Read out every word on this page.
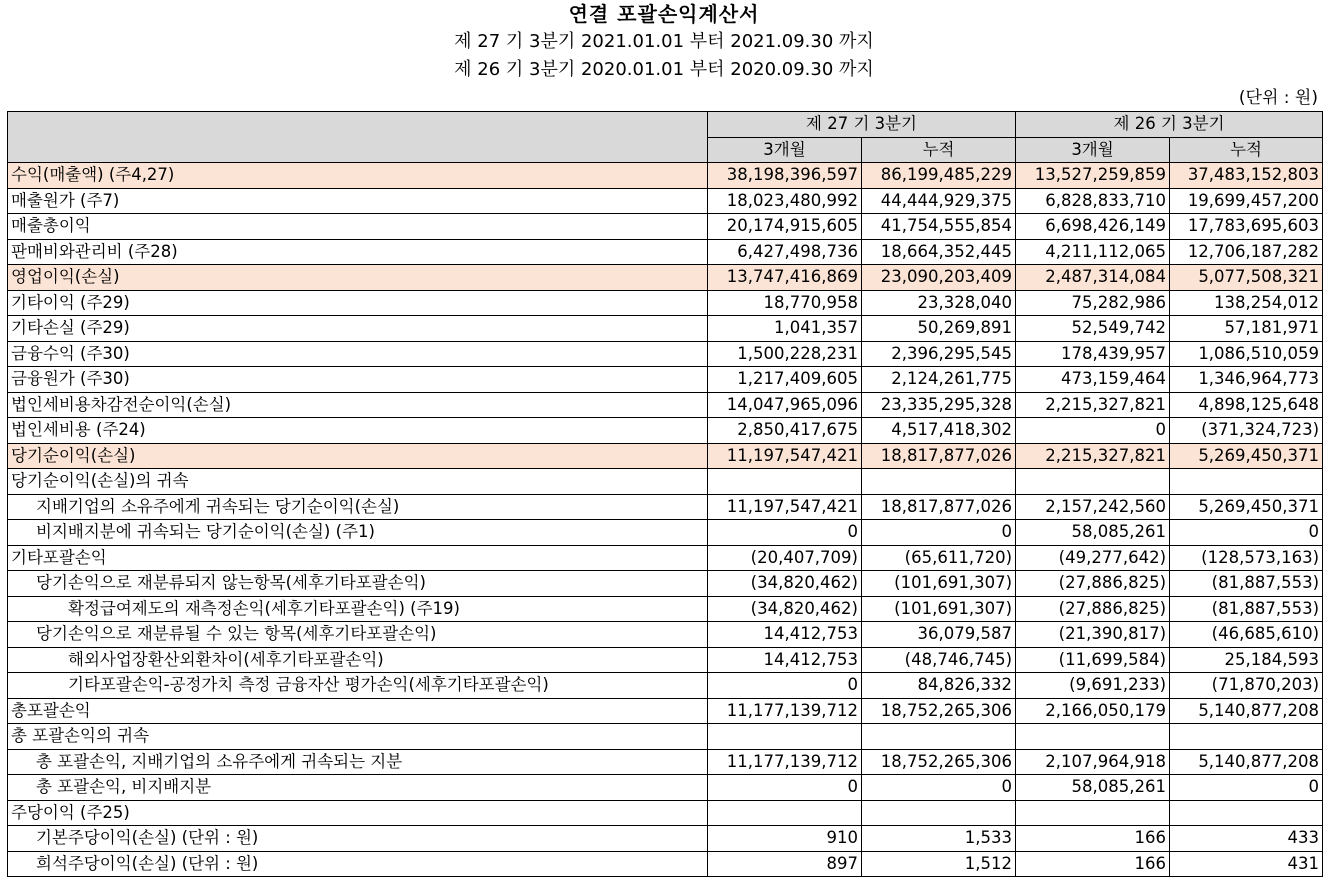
연결 포괄손익계산서
제 27 기 3분기 2021.01.01 부터 2021.09.30 까지
제 26 기 3분기 2020.01.01 부터 2020.09.30 까지
(단위 : 원)
	제 27 기 3분기		제 26 기 3분기	
	3개월	누적	3개월	누적
수익(매출액) (주4,27)	38,198,396,597	86,199,485,229	13,527,259,859	37,483,152,803
매출원가 (주7)	18,023,480,992	44,444,929,375	6,828,833,710	19,699,457,200
매출총이익	20,174,915,605	41,754,555,854	6,698,426,149	17,783,695,603
판매비와관리비 (주28)	6,427,498,736	18,664,352,445	4,211,112,065	12,706,187,282
영업이익(손실)	13,747,416,869	23,090,203,409	2,487,314,084	5,077,508,321
기타이익 (주29)	18,770,958	23,328,040	75,282,986	138,254,012
기타손실 (주29)	1,041,357	50,269,891	52,549,742	57,181,971
금융수익 (주30)	1,500,228,231	2,396,295,545	178,439,957	1,086,510,059
금융원가 (주30)	1,217,409,605	2,124,261,775	473,159,464	1,346,964,773
법인세비용차감전순이익(손실)	14,047,965,096	23,335,295,328	2,215,327,821	4,898,125,648
법인세비용 (주24)	2,850,417,675	4,517,418,302	0	(371,324,723)
당기순이익(손실)	11,197,547,421	18,817,877,026	2,215,327,821	5,269,450,371
당기순이익(손실)의 귀속				
지배기업의 소유주에게 귀속되는 당기순이익(손실)	11,197,547,421	18,817,877,026	2,157,242,560	5,269,450,371
비지배지분에 귀속되는 당기순이익(손실) (주1)	0	0	58,085,261	0
기타포괄손익	(20,407,709)	(65,611,720)	(49,277,642)	(128,573,163)
당기손익으로 재분류되지 않는항목(세후기타포괄손익)	(34,820,462)	(101,691,307)	(27,886,825)	(81,887,553)
확정급여제도의 재측정손익(세후기타포괄손익) (주19)	(34,820,462)	(101,691,307)	(27,886,825)	(81,887,553)
당기손익으로 재분류될 수 있는 항목(세후기타포괄손익)	14,412,753	36,079,587	(21,390,817)	(46,685,610)
해외사업장환산외환차이(세후기타포괄손익)	14,412,753	(48,746,745)	(11,699,584)	25,184,593
기타포괄손익-공정가치 측정 금융자산 평가손익(세후기타포괄손익)	0	84,826,332	(9,691,233)	(71,870,203)
총포괄손익	11,177,139,712	18,752,265,306	2,166,050,179	5,140,877,208
총 포괄손익의 귀속				
총 포괄손익, 지배기업의 소유주에게 귀속되는 지분	11,177,139,712	18,752,265,306	2,107,964,918	5,140,877,208
총 포괄손익, 비지배지분	0	0	58,085,261	0
주당이익 (주25)				
기본주당이익(손실) (단위 : 원)	910	1,533	166	433
희석주당이익(손실) (단위 : 원)	897	1,512	166	431
